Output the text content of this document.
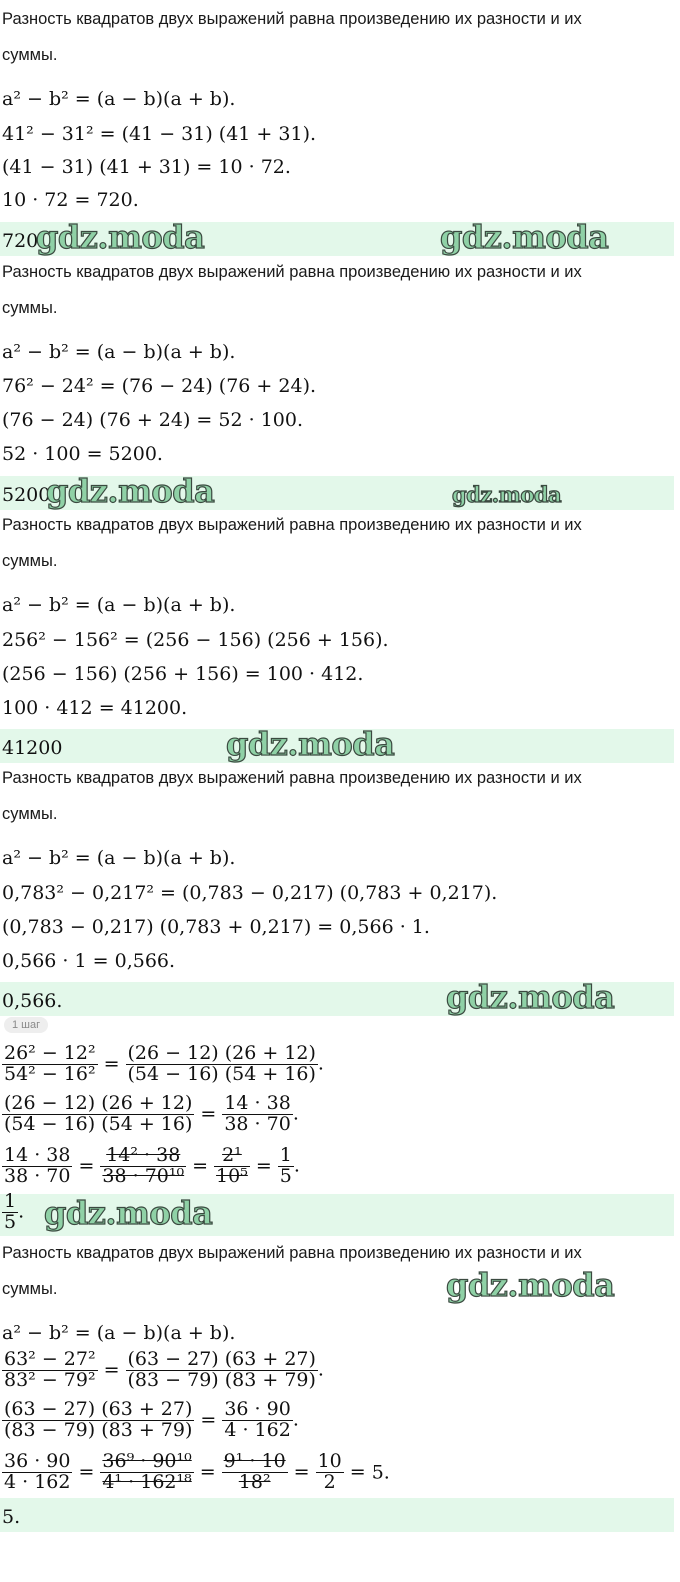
Разность квадратов двух выражений равна произведению их разности и их
суммы.
a² − b² = (a − b)(a + b).
41² − 31² = (41 − 31) (41 + 31).
(41 − 31) (41 + 31) = 10 · 72.
10 · 72 = 720.
720
gdz.moda	gdz.moda
Разность квадратов двух выражений равна произведению их разности и их
суммы.
a² − b² = (a − b)(a + b).
76² − 24² = (76 − 24) (76 + 24).
(76 − 24) (76 + 24) = 52 · 100.
52 · 100 = 5200.
5200
gdz.moda	gdz.moda
Разность квадратов двух выражений равна произведению их разности и их
суммы.
a² − b² = (a − b)(a + b).
256² − 156² = (256 − 156) (256 + 156).
(256 − 156) (256 + 156) = 100 · 412.
100 · 412 = 41200.
41200	gdz.moda
Разность квадратов двух выражений равна произведению их разности и их
суммы.
a² − b² = (a − b)(a + b).
0,783² − 0,217² = (0,783 − 0,217) (0,783 + 0,217).
(0,783 − 0,217) (0,783 + 0,217) = 0,566 · 1.
0,566 · 1 = 0,566.
0,566.	gdz.moda
1 шаг
$\frac{\text{26² − 12²}}{\text{54² − 16²}} = \frac{(26 - 12) (26 + 12)}{(54 - 16) (54 + 16)}$ .
$\frac{(26 - 12) (26 + 12)}{(54 - 16) (54 + 16)} = \frac{14 \cdot 38}{38 \cdot 70}$ .
$\frac{14 \cdot 38}{38 \cdot 70} = \frac{\text{14² · 38}}{\text{38 · 70¹⁰}} = \frac{\text{2¹}}{\text{10⁵}} = \frac{1}{5}$ .
$\frac{1}{5}$ . gdz.moda
Разность квадратов двух выражений равна произведению их разности и их
суммы.	gdz.moda
a² − b² = (a − b)(a + b).
$\frac{\text{63² − 27²}}{\text{83² − 79²}} = \frac{(63 - 27) (63 + 27)}{(83 - 79) (83 + 79)}$ .
$\frac{(63 - 27) (63 + 27)}{(83 - 79) (83 + 79)} = \frac{36 \cdot 90}{4 \cdot 162}$ .
$\frac{36 \cdot 90}{4 \cdot 162} = \frac{\text{36⁹ · 90¹⁰}}{\text{4¹ · 162¹⁸}} = \frac{\text{9¹ · 10}}{\text{18²}} = \frac{10}{2} = 5$.
5.
